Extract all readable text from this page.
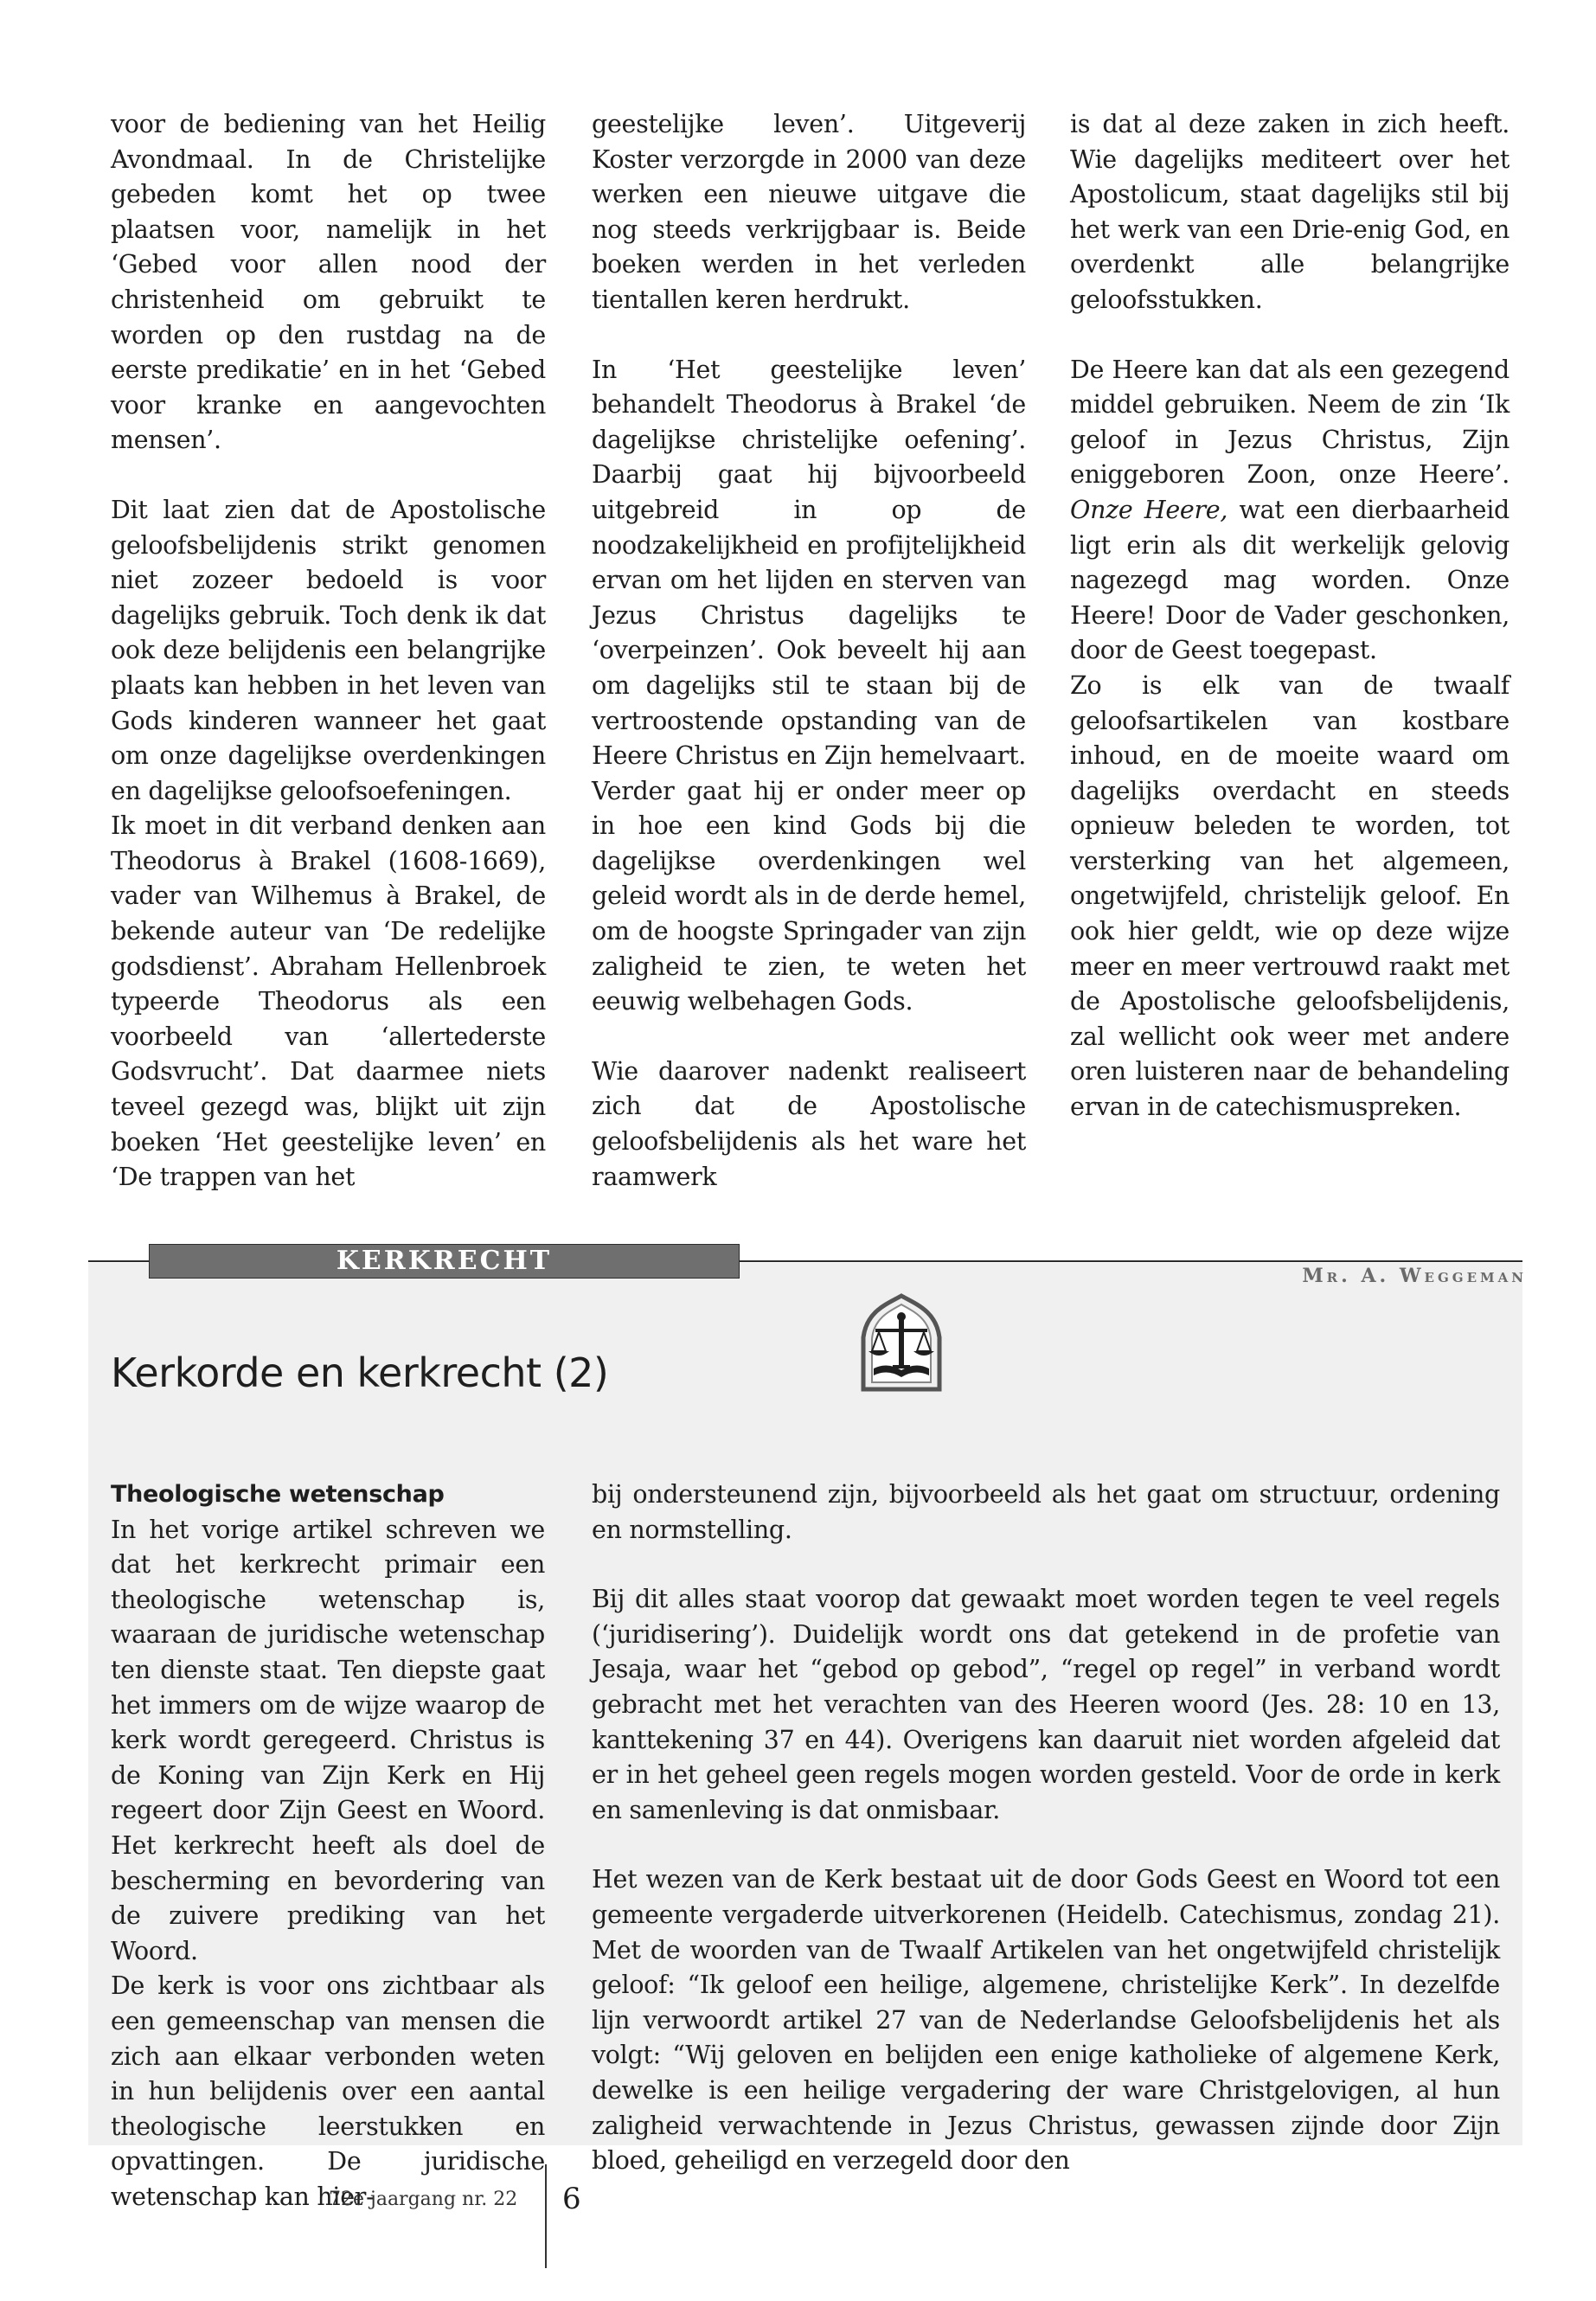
voor de bediening van het Heilig Avondmaal. In de Christelijke gebeden komt het op twee plaatsen voor, namelijk in het ‘Gebed voor allen nood der christenheid om gebruikt te worden op den rustdag na de eerste predikatie’ en in het ‘Gebed voor kranke en aangevochten mensen’.

Dit laat zien dat de Apostolische geloofsbelijdenis strikt genomen niet zozeer bedoeld is voor dagelijks gebruik. Toch denk ik dat ook deze belijdenis een belangrijke plaats kan hebben in het leven van Gods kinderen wanneer het gaat om onze dagelijkse overdenkingen en dagelijkse geloofsoefeningen.

Ik moet in dit verband denken aan Theodorus à Brakel (1608-1669), vader van Wilhemus à Brakel, de bekende auteur van ‘De redelijke godsdienst’. Abraham Hellenbroek typeerde Theodorus als een voorbeeld van ‘allertederste Godsvrucht’. Dat daarmee niets teveel gezegd was, blijkt uit zijn boeken ‘Het geestelijke leven’ en ‘De trappen van het

geestelijke leven’. Uitgeverij Koster verzorgde in 2000 van deze werken een nieuwe uitgave die nog steeds verkrijgbaar is. Beide boeken werden in het verleden tientallen keren herdrukt.

In ‘Het geestelijke leven’ behandelt Theodorus à Brakel ‘de dagelijkse christelijke oefening’. Daarbij gaat hij bijvoorbeeld uitgebreid in op de noodzakelijkheid en profijtelijkheid ervan om het lijden en sterven van Jezus Christus dagelijks te ‘overpeinzen’. Ook beveelt hij aan om dagelijks stil te staan bij de vertroostende opstanding van de Heere Christus en Zijn hemelvaart. Verder gaat hij er onder meer op in hoe een kind Gods bij die dagelijkse overdenkingen wel geleid wordt als in de derde hemel, om de hoogste Springader van zijn zaligheid te zien, te weten het eeuwig welbehagen Gods.

Wie daarover nadenkt realiseert zich dat de Apostolische geloofsbelijdenis als het ware het raamwerk

is dat al deze zaken in zich heeft. Wie dagelijks mediteert over het Apostolicum, staat dagelijks stil bij het werk van een Drie-enig God, en overdenkt alle belangrijke geloofsstukken.

De Heere kan dat als een gezegend middel gebruiken. Neem de zin ‘Ik geloof in Jezus Christus, Zijn eniggeboren Zoon, onze Heere’. Onze Heere, wat een dierbaarheid ligt erin als dit werkelijk gelovig nagezegd mag worden. Onze Heere! Door de Vader geschonken, door de Geest toegepast.

Zo is elk van de twaalf geloofsartikelen van kostbare inhoud, en de moeite waard om dagelijks overdacht en steeds opnieuw beleden te worden, tot versterking van het algemeen, ongetwijfeld, christelijk geloof. En ook hier geldt, wie op deze wijze meer en meer vertrouwd raakt met de Apostolische geloofsbelijdenis, zal wellicht ook weer met andere oren luisteren naar de behandeling ervan in de catechismuspreken.

KERKRECHT	Mr. A. Weggeman
Kerkorde en kerkrecht (2)

Theologische wetenschap

In het vorige artikel schreven we dat het kerkrecht primair een theologische wetenschap is, waaraan de juridische wetenschap ten dienste staat. Ten diepste gaat het immers om de wijze waarop de kerk wordt geregeerd. Christus is de Koning van Zijn Kerk en Hij regeert door Zijn Geest en Woord. Het kerkrecht heeft als doel de bescherming en bevordering van de zuivere prediking van het Woord.

De kerk is voor ons zichtbaar als een gemeenschap van mensen die zich aan elkaar verbonden weten in hun belijdenis over een aantal theologische leerstukken en opvattingen. De juridische wetenschap kan hier-

bij ondersteunend zijn, bijvoorbeeld als het gaat om structuur, ordening en normstelling.

Bij dit alles staat voorop dat gewaakt moet worden tegen te veel regels (‘juridisering’). Duidelijk wordt ons dat getekend in de profetie van Jesaja, waar het “gebod op gebod”, “regel op regel” in verband wordt gebracht met het verachten van des Heeren woord (Jes. 28: 10 en 13, kanttekening 37 en 44). Overigens kan daaruit niet worden afgeleid dat er in het geheel geen regels mogen worden gesteld. Voor de orde in kerk en samenleving is dat onmisbaar.

Het wezen van de Kerk bestaat uit de door Gods Geest en Woord tot een gemeente vergaderde uitverkorenen (Heidelb. Catechismus, zondag 21). Met de woorden van de Twaalf Artikelen van het ongetwijfeld christelijk geloof: “Ik geloof een heilige, algemene, christelijke Kerk”. In dezelfde lijn verwoordt artikel 27 van de Nederlandse Geloofsbelijdenis het als volgt: “Wij geloven en belijden een enige katholieke of algemene Kerk, dewelke is een heilige vergadering der ware Christgelovigen, al hun zaligheid verwachtende in Jezus Christus, gewassen zijnde door Zijn bloed, geheiligd en verzegeld door den

72e jaargang nr. 22 6
